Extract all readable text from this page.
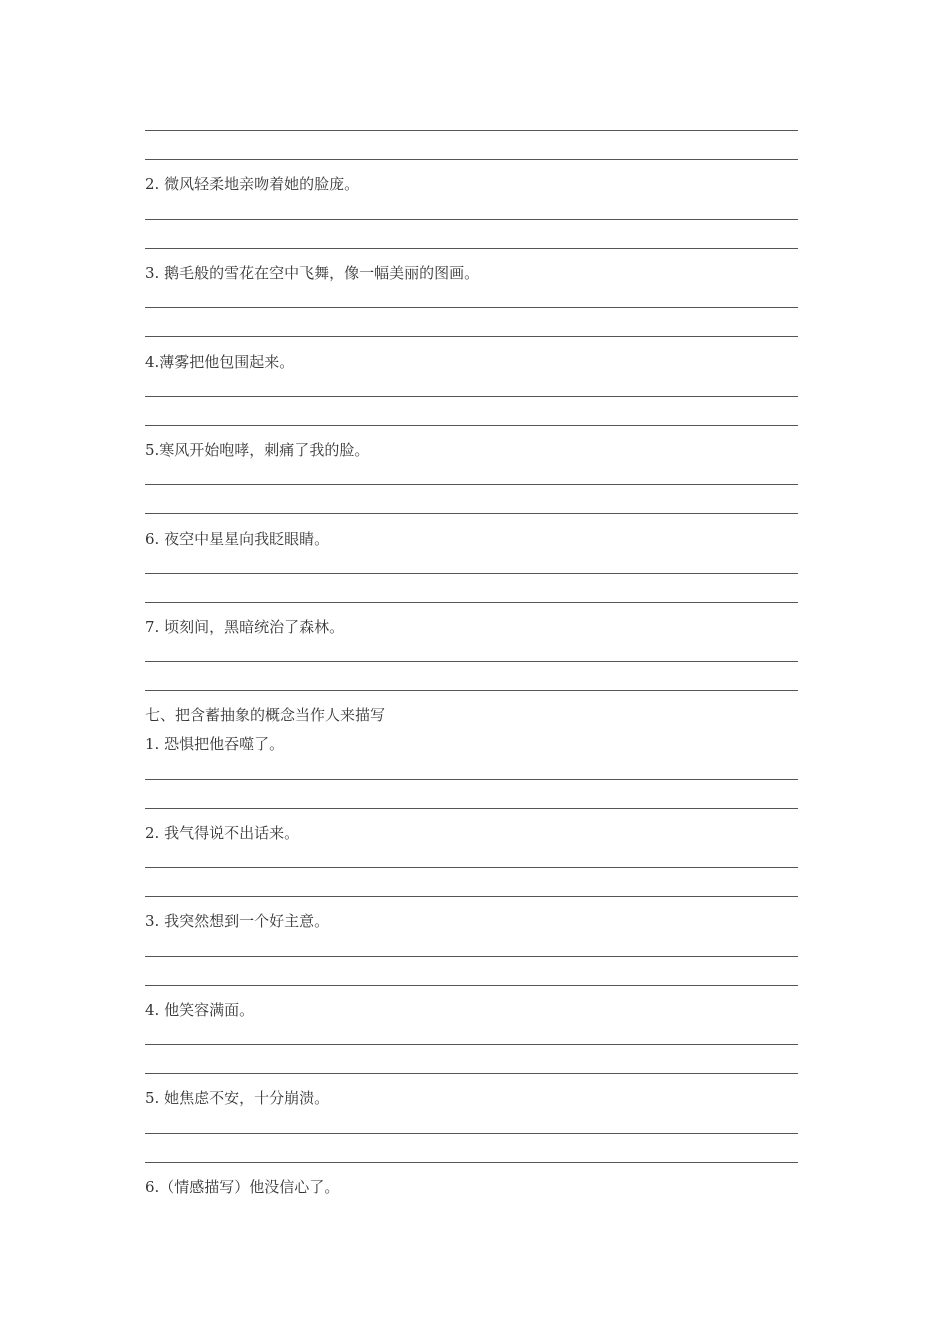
2. 微风轻柔地亲吻着她的脸庞。
3. 鹅毛般的雪花在空中飞舞，像一幅美丽的图画。
4.薄雾把他包围起来。
5.寒风开始咆哮，刺痛了我的脸。
6. 夜空中星星向我眨眼睛。
7. 顷刻间，黑暗统治了森林。
七、把含蓄抽象的概念当作人来描写
1. 恐惧把他吞噬了。
2. 我气得说不出话来。
3. 我突然想到一个好主意。
4. 他笑容满面。
5. 她焦虑不安，十分崩溃。
6.（情感描写）他没信心了。
